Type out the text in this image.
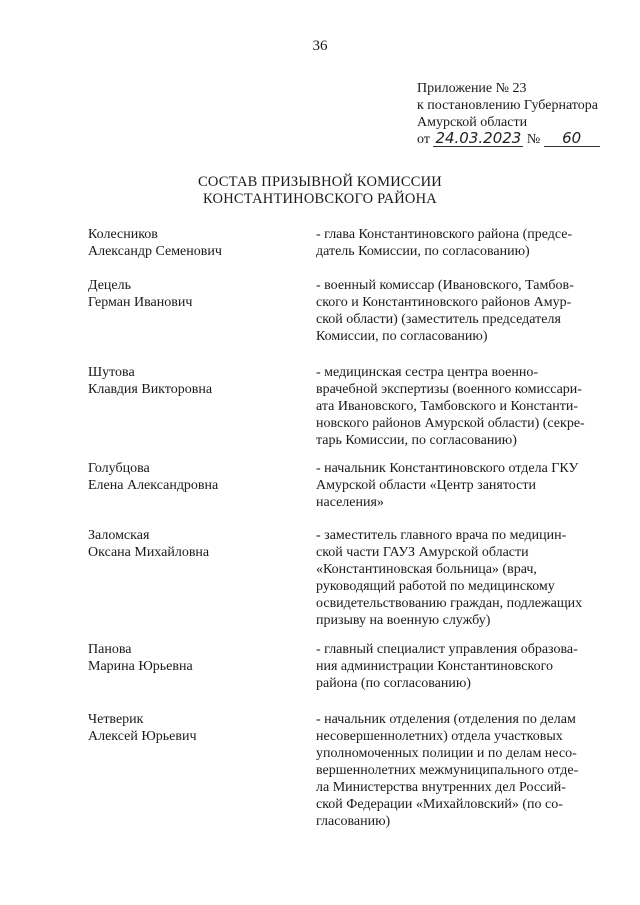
36
Приложение № 23
к постановлению Губернатора
Амурской области
от 24.03.2023 № 60
СОСТАВ ПРИЗЫВНОЙ КОМИССИИ
КОНСТАНТИНОВСКОГО РАЙОНА
Колесников
Александр Семенович
- глава Константиновского района (предсе-
датель Комиссии, по согласованию)
Децель
Герман Иванович
- военный комиссар (Ивановского, Тамбов-
ского и Константиновского районов Амур-
ской области) (заместитель председателя
Комиссии, по согласованию)
Шутова
Клавдия Викторовна
- медицинская сестра центра военно-
врачебной экспертизы (военного комиссари-
ата Ивановского, Тамбовского и Константи-
новского районов Амурской области) (секре-
тарь Комиссии, по согласованию)
Голубцова
Елена Александровна
- начальник Константиновского отдела ГКУ
Амурской области «Центр занятости
населения»
Заломская
Оксана Михайловна
- заместитель главного врача по медицин-
ской части ГАУЗ Амурской области
«Константиновская больница» (врач,
руководящий работой по медицинскому
освидетельствованию граждан, подлежащих
призыву на военную службу)
Панова
Марина Юрьевна
- главный специалист управления образова-
ния администрации Константиновского
района (по согласованию)
Четверик
Алексей Юрьевич
- начальник отделения (отделения по делам
несовершеннолетних) отдела участковых
уполномоченных полиции и по делам несо-
вершеннолетних межмуниципального отде-
ла Министерства внутренних дел Россий-
ской Федерации «Михайловский» (по со-
гласованию)
